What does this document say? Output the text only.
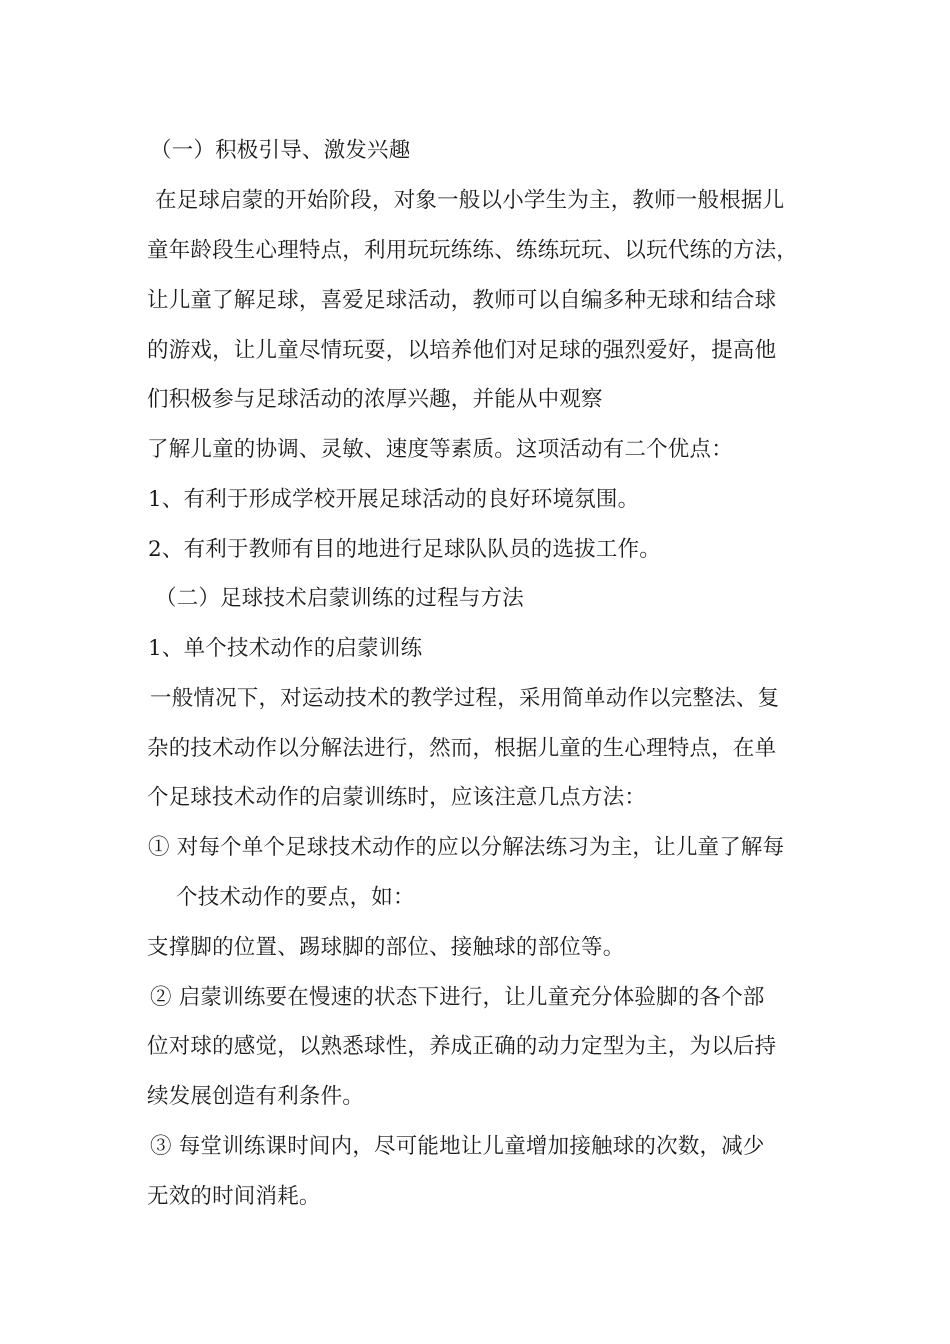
（一）积极引导、激发兴趣
在足球启蒙的开始阶段，对象一般以小学生为主，教师一般根据儿
童年龄段生心理特点，利用玩玩练练、练练玩玩、以玩代练的方法，
让儿童了解足球，喜爱足球活动，教师可以自编多种无球和结合球
的游戏，让儿童尽情玩耍，以培养他们对足球的强烈爱好，提高他
们积极参与足球活动的浓厚兴趣，并能从中观察
了解儿童的协调、灵敏、速度等素质。这项活动有二个优点：
1、有利于形成学校开展足球活动的良好环境氛围。
2、有利于教师有目的地进行足球队队员的选拔工作。
（二）足球技术启蒙训练的过程与方法
1、单个技术动作的启蒙训练
一般情况下，对运动技术的教学过程，采用简单动作以完整法、复
杂的技术动作以分解法进行，然而，根据儿童的生心理特点，在单
个足球技术动作的启蒙训练时，应该注意几点方法：
① 对每个单个足球技术动作的应以分解法练习为主，让儿童了解每
个技术动作的要点，如：
支撑脚的位置、踢球脚的部位、接触球的部位等。
② 启蒙训练要在慢速的状态下进行，让儿童充分体验脚的各个部
位对球的感觉，以熟悉球性，养成正确的动力定型为主，为以后持
续发展创造有利条件。
③ 每堂训练课时间内，尽可能地让儿童增加接触球的次数，减少
无效的时间消耗。
